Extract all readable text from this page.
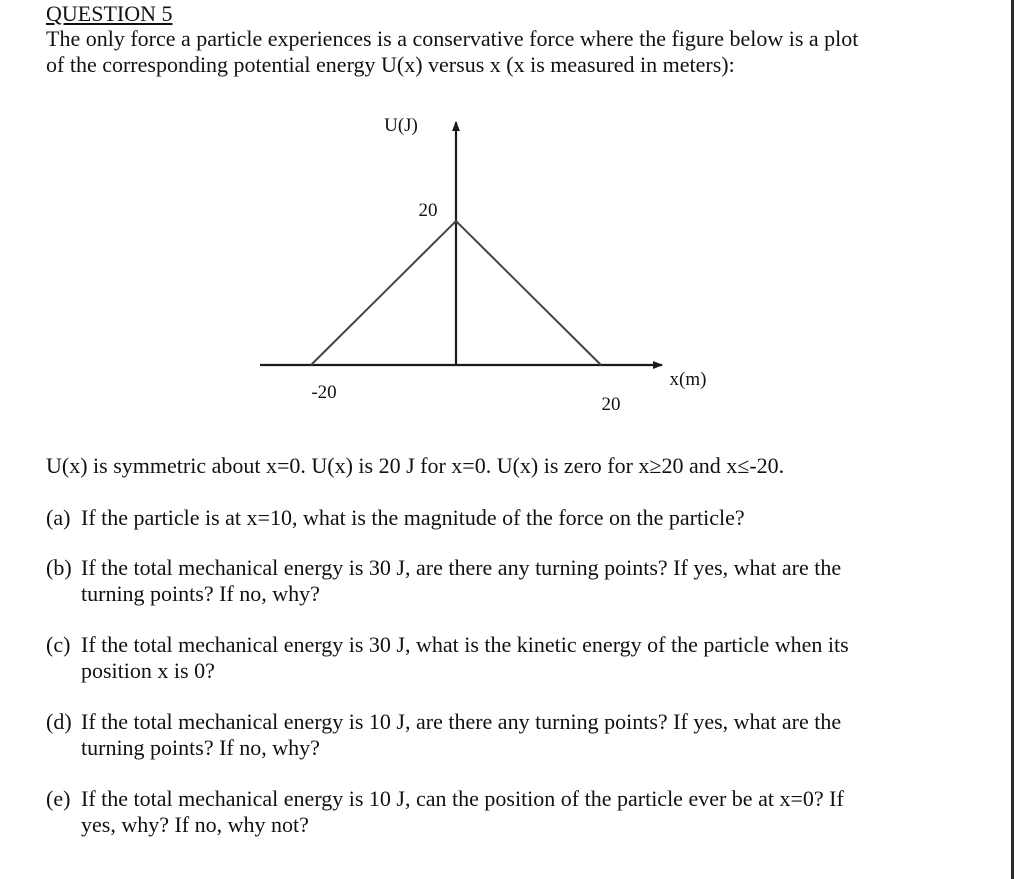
QUESTION 5

The only force a particle experiences is a conservative force where the figure below is a plot
of the corresponding potential energy U(x) versus x (x is measured in meters):

U(J)
x(m)
-20
20
20

U(x) is symmetric about x=0. U(x) is 20 J for x=0. U(x) is zero for x≥20 and x≤-20.

(a) If the particle is at x=10, what is the magnitude of the force on the particle?
(b) If the total mechanical energy is 30 J, are there any turning points? If yes, what are the
turning points? If no, why?
(c) If the total mechanical energy is 30 J, what is the kinetic energy of the particle when its
position x is 0?
(d) If the total mechanical energy is 10 J, are there any turning points? If yes, what are the
turning points? If no, why?
(e) If the total mechanical energy is 10 J, can the position of the particle ever be at x=0? If
yes, why? If no, why not?
